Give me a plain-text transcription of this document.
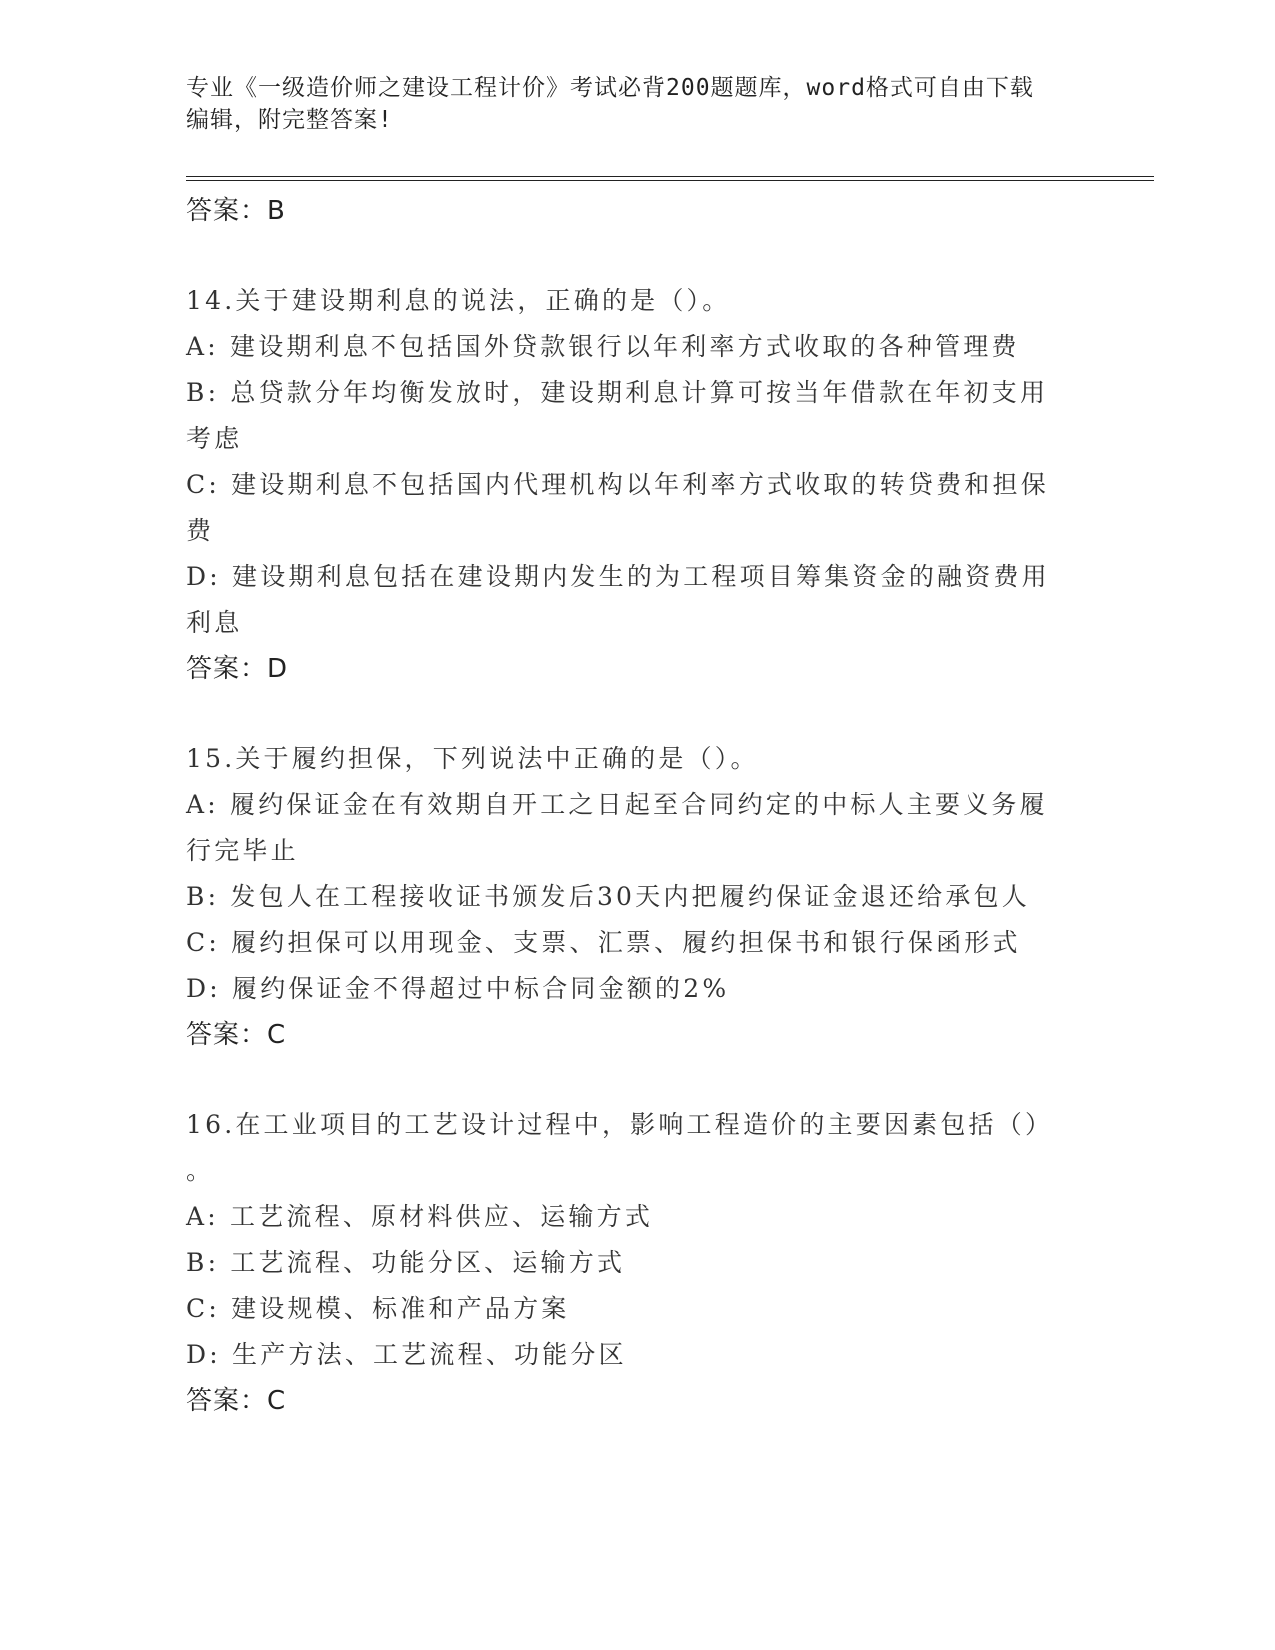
专业《一级造价师之建设工程计价》考试必背200题题库，word格式可自由下载
编辑，附完整答案!

答案：B

14.关于建设期利息的说法，正确的是（）。

A: 建设期利息不包括国外贷款银行以年利率方式收取的各种管理费

B: 总贷款分年均衡发放时，建设期利息计算可按当年借款在年初支用

考虑

C: 建设期利息不包括国内代理机构以年利率方式收取的转贷费和担保

费

D: 建设期利息包括在建设期内发生的为工程项目筹集资金的融资费用

利息

答案：D

15.关于履约担保，下列说法中正确的是（）。

A: 履约保证金在有效期自开工之日起至合同约定的中标人主要义务履

行完毕止

B: 发包人在工程接收证书颁发后30天内把履约保证金退还给承包人

C: 履约担保可以用现金、支票、汇票、履约担保书和银行保函形式

D: 履约保证金不得超过中标合同金额的2%

答案：C

16.在工业项目的工艺设计过程中，影响工程造价的主要因素包括（）

。

A: 工艺流程、原材料供应、运输方式

B: 工艺流程、功能分区、运输方式

C: 建设规模、标准和产品方案

D: 生产方法、工艺流程、功能分区

答案：C
